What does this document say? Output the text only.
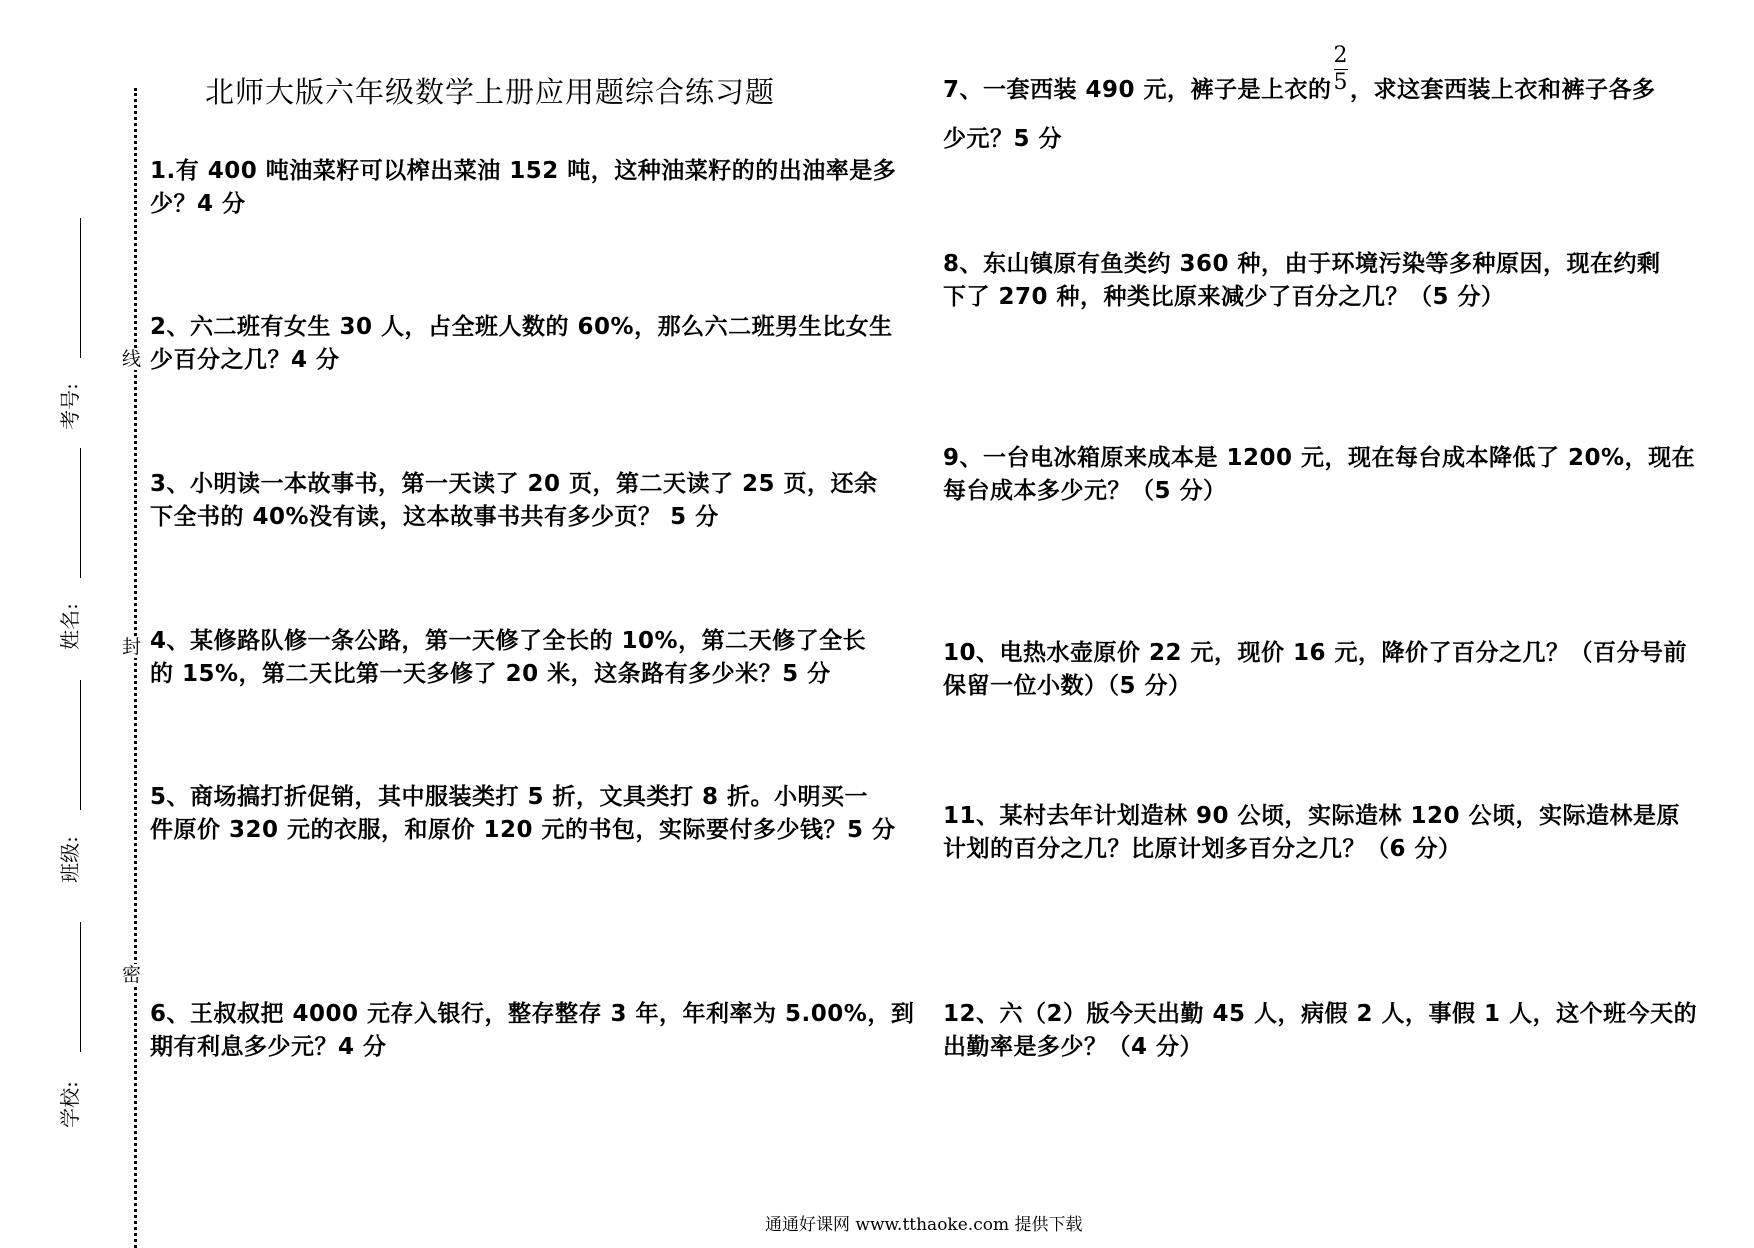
线
封
密
考号:
姓名:
班级:
学校:
北师大版六年级数学上册应用题综合练习题
1.有 400 吨油菜籽可以榨出菜油 152 吨，这种油菜籽的的出油率是多
少？4 分
2、六二班有女生 30 人，占全班人数的 60%，那么六二班男生比女生
少百分之几？4 分
3、小明读一本故事书，第一天读了 20 页，第二天读了 25 页，还余
下全书的 40%没有读，这本故事书共有多少页？ 5 分
4、某修路队修一条公路，第一天修了全长的 10%，第二天修了全长
的 15%，第二天比第一天多修了 20 米，这条路有多少米？5 分
5、商场搞打折促销，其中服装类打 5 折，文具类打 8 折。小明买一
件原价 320 元的衣服，和原价 120 元的书包，实际要付多少钱？5 分
6、王叔叔把 4000 元存入银行，整存整存 3 年，年利率为 5.00%，到
期有利息多少元？4 分
7、一套西装 490 元，裤子是上衣的$\frac{2}{5}$，求这套西装上衣和裤子各多
少元？5 分
8、东山镇原有鱼类约 360 种，由于环境污染等多种原因，现在约剩
下了 270 种，种类比原来减少了百分之几？（5 分）
9、一台电冰箱原来成本是 1200 元，现在每台成本降低了 20%，现在
每台成本多少元？（5 分）
10、电热水壶原价 22 元，现价 16 元，降价了百分之几？（百分号前
保留一位小数）（5 分）
11、某村去年计划造林 90 公顷，实际造林 120 公顷，实际造林是原
计划的百分之几？比原计划多百分之几？（6 分）
12、六（2）版今天出勤 45 人，病假 2 人，事假 1 人，这个班今天的
出勤率是多少？（4 分）
通通好课网 www.tthaoke.com 提供下载
